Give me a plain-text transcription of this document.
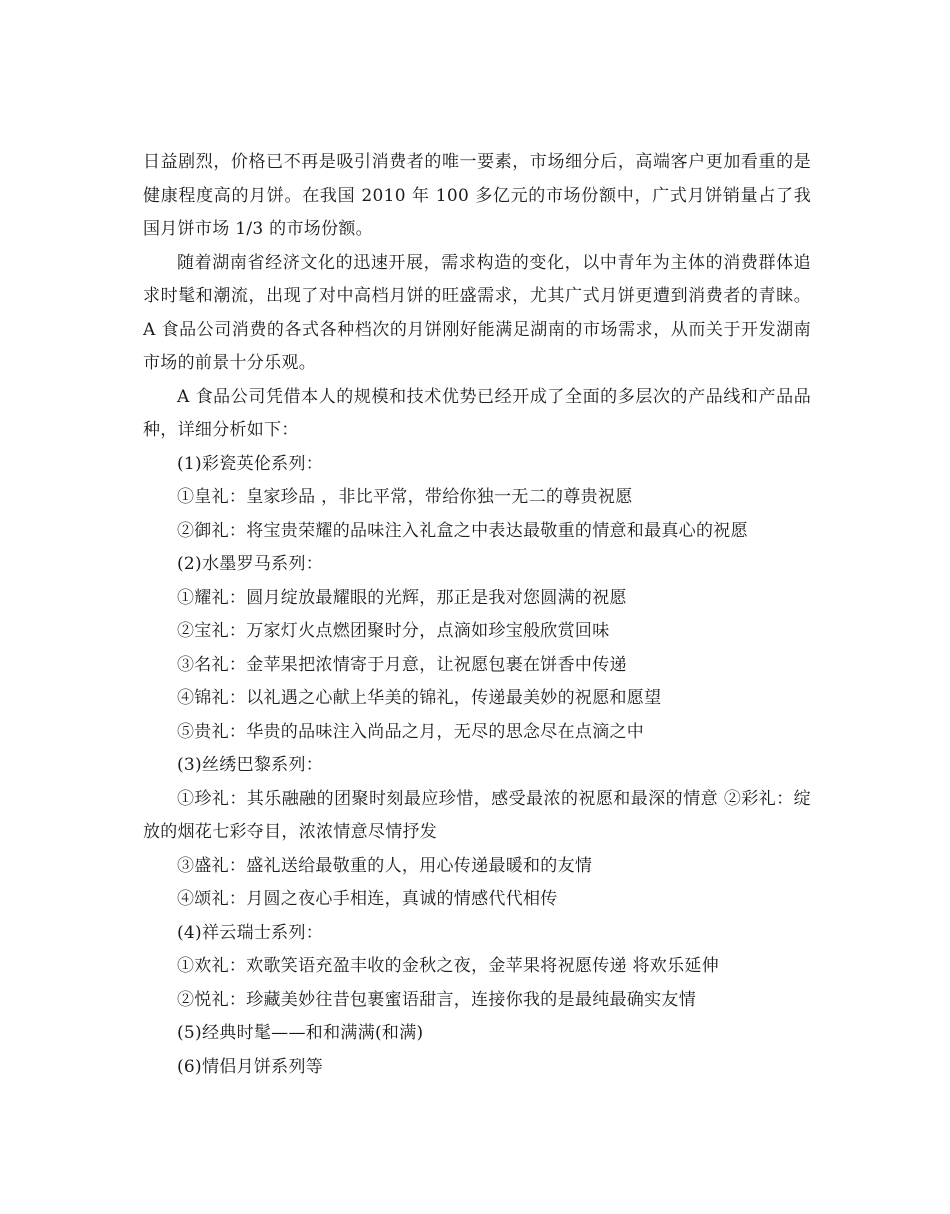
日益剧烈，价格已不再是吸引消费者的唯一要素，市场细分后，高端客户更加看重的是健康程度高的月饼。在我国 2010 年 100 多亿元的市场份额中，广式月饼销量占了我国月饼市场 1/3 的市场份额。

随着湖南省经济文化的迅速开展，需求构造的变化，以中青年为主体的消费群体追求时髦和潮流，出现了对中高档月饼的旺盛需求，尤其广式月饼更遭到消费者的青睐。A 食品公司消费的各式各种档次的月饼刚好能满足湖南的市场需求，从而关于开发湖南市场的前景十分乐观。

A 食品公司凭借本人的规模和技术优势已经开成了全面的多层次的产品线和产品品种，详细分析如下：

(1)彩瓷英伦系列：

①皇礼：皇家珍品 ，非比平常，带给你独一无二的尊贵祝愿

②御礼：将宝贵荣耀的品味注入礼盒之中表达最敬重的情意和最真心的祝愿

(2)水墨罗马系列：

①耀礼：圆月绽放最耀眼的光辉，那正是我对您圆满的祝愿

②宝礼：万家灯火点燃团聚时分，点滴如珍宝般欣赏回味

③名礼：金苹果把浓情寄于月意，让祝愿包裹在饼香中传递

④锦礼：以礼遇之心献上华美的锦礼，传递最美妙的祝愿和愿望

⑤贵礼：华贵的品味注入尚品之月，无尽的思念尽在点滴之中

(3)丝绣巴黎系列：

①珍礼：其乐融融的团聚时刻最应珍惜，感受最浓的祝愿和最深的情意 ②彩礼：绽放的烟花七彩夺目，浓浓情意尽情抒发

③盛礼：盛礼送给最敬重的人，用心传递最暖和的友情

④颂礼：月圆之夜心手相连，真诚的情感代代相传

(4)祥云瑞士系列：

①欢礼：欢歌笑语充盈丰收的金秋之夜，金苹果将祝愿传递 将欢乐延伸

②悦礼：珍藏美妙往昔包裹蜜语甜言，连接你我的是最纯最确实友情

(5)经典时髦——和和满满(和满)

(6)情侣月饼系列等
